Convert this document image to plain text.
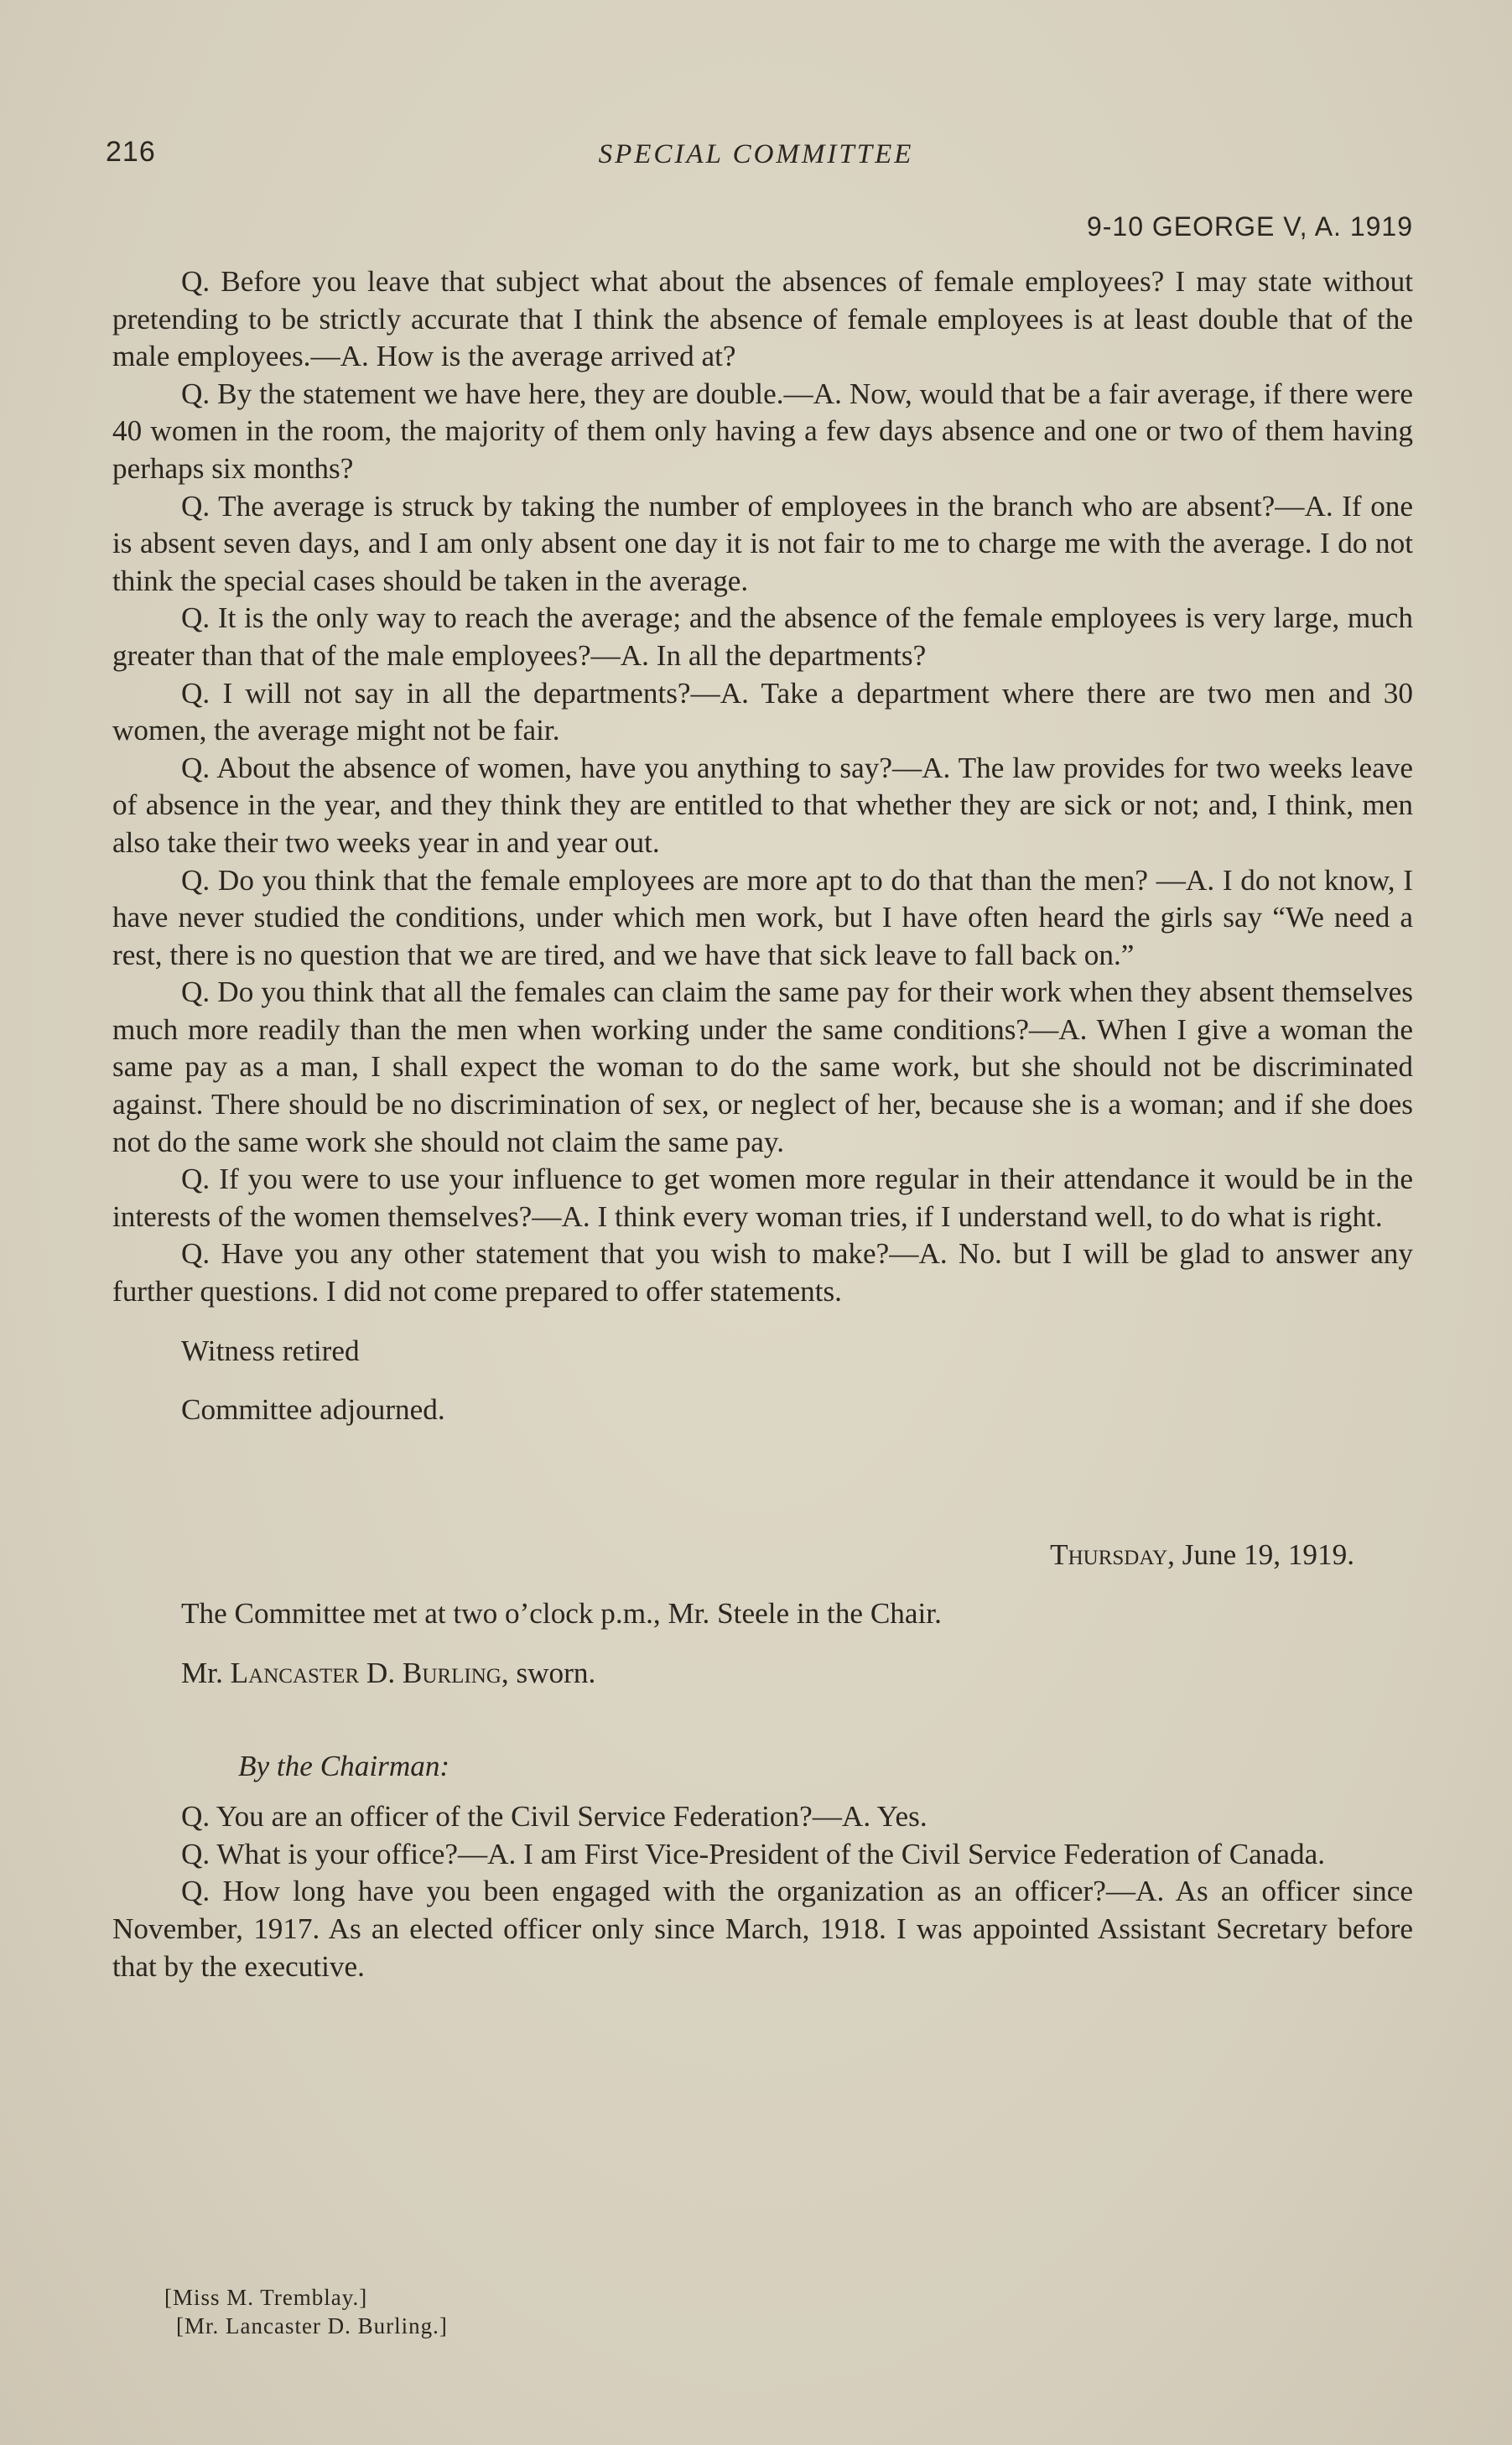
216	SPECIAL COMMITTEE
9-10 GEORGE V, A. 1919

Q. Before you leave that subject what about the absences of female employees? I may state without pretending to be strictly accurate that I think the absence of female employees is at least double that of the male employees.—A. How is the average arrived at?

Q. By the statement we have here, they are double.—A. Now, would that be a fair average, if there were 40 women in the room, the majority of them only having a few days absence and one or two of them having perhaps six months?

Q. The average is struck by taking the number of employees in the branch who are absent?—A. If one is absent seven days, and I am only absent one day it is not fair to me to charge me with the average. I do not think the special cases should be taken in the average.

Q. It is the only way to reach the average; and the absence of the female employees is very large, much greater than that of the male employees?—A. In all the departments?

Q. I will not say in all the departments?—A. Take a department where there are two men and 30 women, the average might not be fair.

Q. About the absence of women, have you anything to say?—A. The law provides for two weeks leave of absence in the year, and they think they are entitled to that whether they are sick or not; and, I think, men also take their two weeks year in and year out.

Q. Do you think that the female employees are more apt to do that than the men? —A. I do not know, I have never studied the conditions, under which men work, but I have often heard the girls say “We need a rest, there is no question that we are tired, and we have that sick leave to fall back on.”

Q. Do you think that all the females can claim the same pay for their work when they absent themselves much more readily than the men when working under the same conditions?—A. When I give a woman the same pay as a man, I shall expect the woman to do the same work, but she should not be discriminated against. There should be no discrimination of sex, or neglect of her, because she is a woman; and if she does not do the same work she should not claim the same pay.

Q. If you were to use your influence to get women more regular in their attendance it would be in the interests of the women themselves?—A. I think every woman tries, if I understand well, to do what is right.

Q. Have you any other statement that you wish to make?—A. No. but I will be glad to answer any further questions. I did not come prepared to offer statements.

Witness retired

Committee adjourned.

Thursday, June 19, 1919.

The Committee met at two o’clock p.m., Mr. Steele in the Chair.

Mr. Lancaster D. Burling, sworn.

By the Chairman:

Q. You are an officer of the Civil Service Federation?—A. Yes.

Q. What is your office?—A. I am First Vice-President of the Civil Service Federation of Canada.

Q. How long have you been engaged with the organization as an officer?—A. As an officer since November, 1917. As an elected officer only since March, 1918. I was appointed Assistant Secretary before that by the executive.

[Miss M. Tremblay.]
[Mr. Lancaster D. Burling.]
